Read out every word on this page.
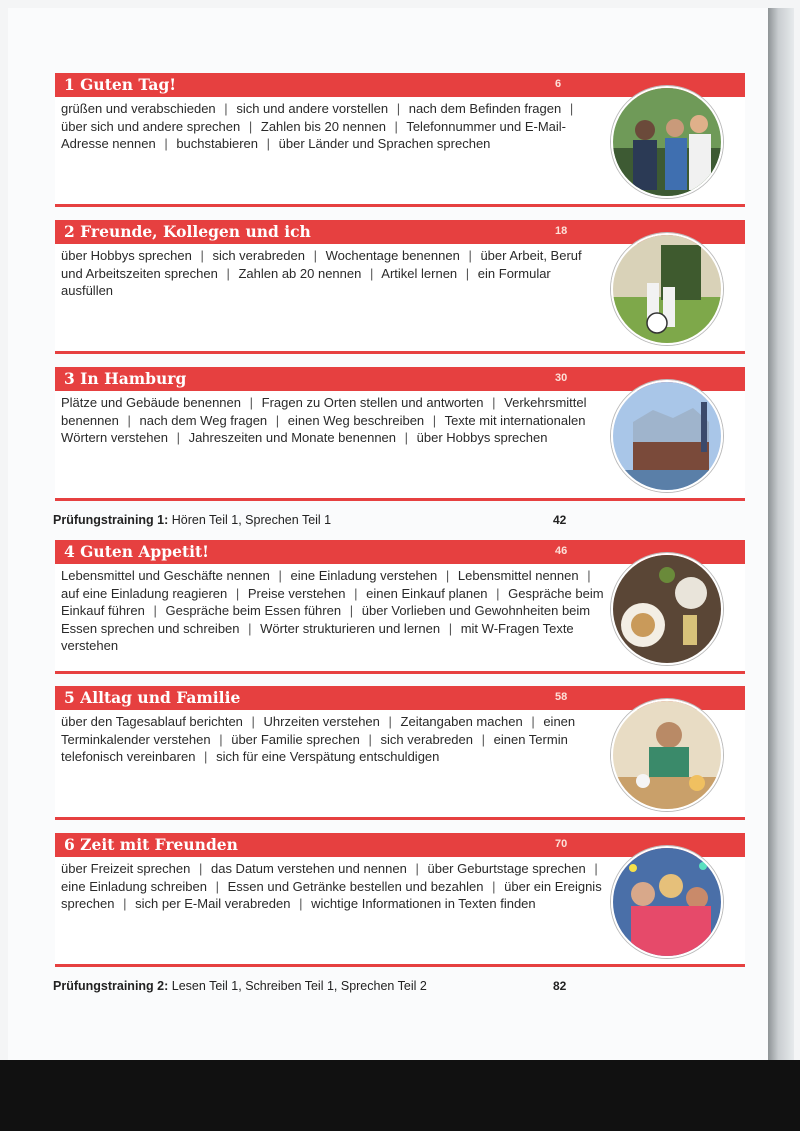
1 Guten Tag!	6
grüßen und verabschieden | sich und andere vorstellen | nach dem Befinden fragen | über sich und andere sprechen | Zahlen bis 20 nennen | Telefonnummer und E-Mail-Adresse nennen | buchstabieren | über Länder und Sprachen sprechen
2 Freunde, Kollegen und ich	18
über Hobbys sprechen | sich verabreden | Wochentage benennen | über Arbeit, Beruf und Arbeitszeiten sprechen | Zahlen ab 20 nennen | Artikel lernen | ein Formular ausfüllen
3 In Hamburg	30
Plätze und Gebäude benennen | Fragen zu Orten stellen und antworten | Verkehrsmittel benennen | nach dem Weg fragen | einen Weg beschreiben | Texte mit internationalen Wörtern verstehen | Jahreszeiten und Monate benennen | über Hobbys sprechen
Prüfungstraining 1: Hören Teil 1, Sprechen Teil 1	42
4 Guten Appetit!	46
Lebensmittel und Geschäfte nennen | eine Einladung verstehen | Lebensmittel nennen | auf eine Einladung reagieren | Preise verstehen | einen Einkauf planen | Gespräche beim Einkauf führen | Gespräche beim Essen führen | über Vorlieben und Gewohnheiten beim Essen sprechen und schreiben | Wörter strukturieren und lernen | mit W-Fragen Texte verstehen
5 Alltag und Familie	58
über den Tagesablauf berichten | Uhrzeiten verstehen | Zeitangaben machen | einen Terminkalender verstehen | über Familie sprechen | sich verabreden | einen Termin telefonisch vereinbaren | sich für eine Verspätung entschuldigen
6 Zeit mit Freunden	70
über Freizeit sprechen | das Datum verstehen und nennen | über Geburtstage sprechen | eine Einladung schreiben | Essen und Getränke bestellen und bezahlen | über ein Ereignis sprechen | sich per E-Mail verabreden | wichtige Informationen in Texten finden
Prüfungstraining 2: Lesen Teil 1, Schreiben Teil 1, Sprechen Teil 2	82
